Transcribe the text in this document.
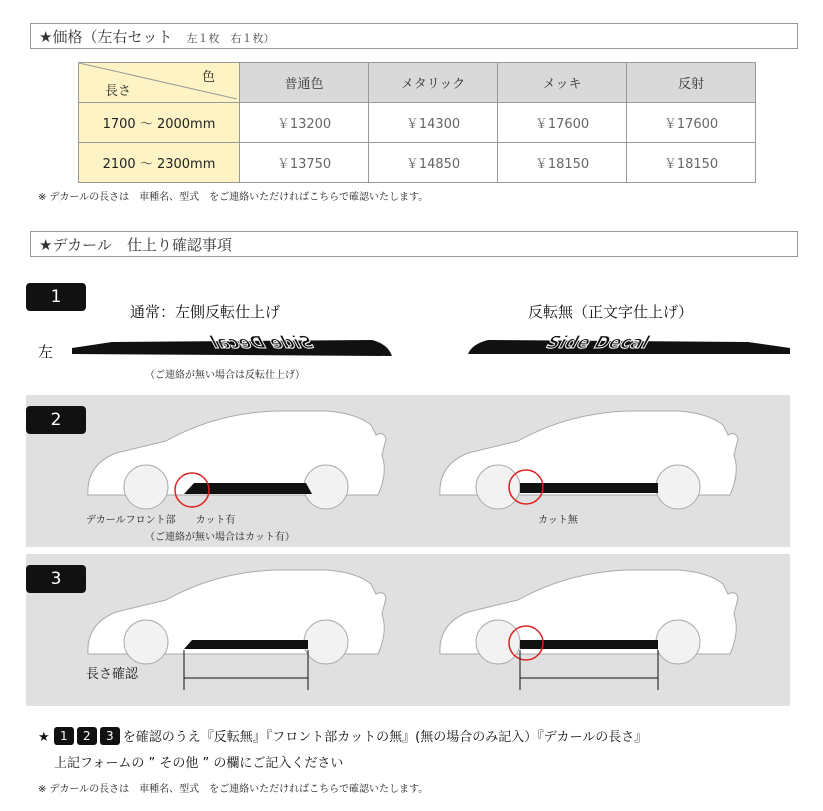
★価格（左右セット 左１枚　右１枚）
色
長さ	普通色	メタリック	メッキ	反射
1700 ～ 2000mm	￥13200	￥14300	￥17600	￥17600
2100 ～ 2300mm	￥13750	￥14850	￥18150	￥18150
※ デカールの長さは　車種名、型式　をご連絡いただければこちらで確認いたします。
★デカール　仕上り確認事項
1
通常：左側反転仕上げ	反転無（正文字仕上げ）
左	Side Decal
（ご連絡が無い場合は反転仕上げ）
Side Decal
2
デカールフロント部　　 カット有
（ご連絡が無い場合はカット有）
カット無
3
長さ確認
★ 1 2 3 を確認のうえ『反転無』『フロント部カットの無』(無の場合のみ記入）『デカールの長さ』
上記フォームの ” その他 ” の欄にご記入ください
※ デカールの長さは　車種名、型式　をご連絡いただければこちらで確認いたします。
